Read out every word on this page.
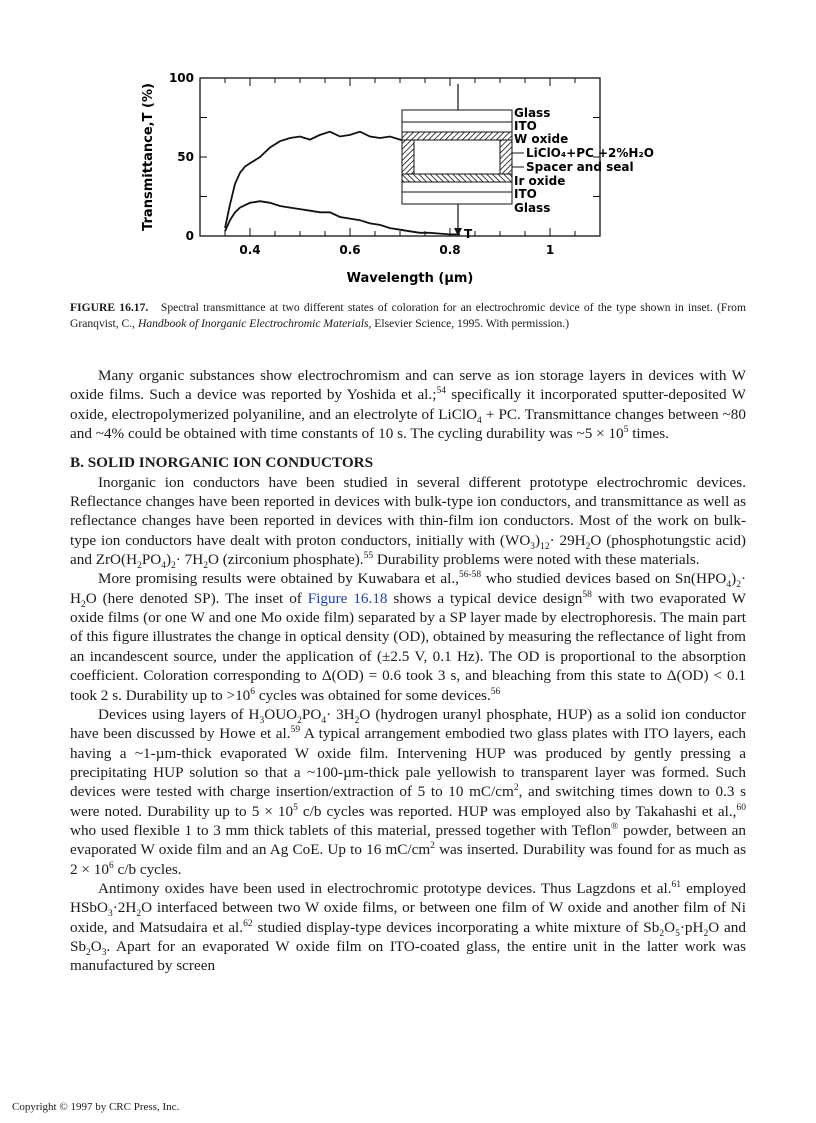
Transmittance,T (%)
Wavelength (µm)
0.4	0.6	0.8	1
0
50
100
T
Glass
ITO
W oxide
LiClO₄+PC +2%H₂O
Spacer and seal
Ir oxide
ITO
Glass
FIGURE 16.17. Spectral transmittance at two different states of coloration for an electrochromic device of the type shown in inset. (From Granqvist, C., Handbook of Inorganic Electrochromic Materials, Elsevier Science, 1995. With permission.)

Many organic substances show electrochromism and can serve as ion storage layers in devices with W oxide films. Such a device was reported by Yoshida et al.;$^{54}$ specifically it incorporated sputter-deposited W oxide, electropolymerized polyaniline, and an electrolyte of LiClO$_4$ + PC. Transmittance changes between ~80 and ~4% could be obtained with time constants of 10 s. The cycling durability was ~5 × $10^5$ times.

B. SOLID INORGANIC ION CONDUCTORS

Inorganic ion conductors have been studied in several different prototype electrochromic devices. Reflectance changes have been reported in devices with bulk-type ion conductors, and transmittance as well as reflectance changes have been reported in devices with thin-film ion conductors. Most of the work on bulk-type ion conductors have dealt with proton conductors, initially with $(WO_3)_{12}\cdot 29H_2O$ (phosphotungstic acid) and $ZrO(H_2PO_4)_2\cdot 7H_2O$ (zirconium phosphate).$^{55}$ Durability problems were noted with these materials.

More promising results were obtained by Kuwabara et al.,$^{56-58}$ who studied devices based on $Sn(HPO_4)_2\cdot H_2O$ (here denoted SP). The inset of Figure 16.18 shows a typical device design$^{58}$ with two evaporated W oxide films (or one W and one Mo oxide film) separated by a SP layer made by electrophoresis. The main part of this figure illustrates the change in optical density (OD), obtained by measuring the reflectance of light from an incandescent source, under the application of (±2.5 V, 0.1 Hz). The OD is proportional to the absorption coefficient. Coloration corresponding to Δ(OD) = 0.6 took 3 s, and bleaching from this state to Δ(OD) < 0.1 took 2 s. Durability up to $>10^6$ cycles was obtained for some devices.$^{56}$

Devices using layers of $H_3OUO_2PO_4\cdot 3H_2O$ (hydrogen uranyl phosphate, HUP) as a solid ion conductor have been discussed by Howe et al.$^{59}$ A typical arrangement embodied two glass plates with ITO layers, each having a ~1-µm-thick evaporated W oxide film. Intervening HUP was produced by gently pressing a precipitating HUP solution so that a ~100-µm-thick pale yellowish to transparent layer was formed. Such devices were tested with charge insertion/extraction of 5 to 10 $mC/cm^2$, and switching times down to 0.3 s were noted. Durability up to $5 \times 10^5$ c/b cycles was reported. HUP was employed also by Takahashi et al.,$^{60}$ who used flexible 1 to 3 mm thick tablets of this material, pressed together with Teflon® powder, between an evaporated W oxide film and an Ag CoE. Up to 16 $mC/cm^2$ was inserted. Durability was found for as much as $2 \times 10^6$ c/b cycles.

Antimony oxides have been used in electrochromic prototype devices. Thus Lagzdons et al.$^{61}$ employed $HSbO_3\cdot 2H_2O$ interfaced between two W oxide films, or between one film of W oxide and another film of Ni oxide, and Matsudaira et al.$^{62}$ studied display-type devices incorporating a white mixture of $Sb_2O_5\cdot pH_2O$ and $Sb_2O_3$. Apart for an evaporated W oxide film on ITO-coated glass, the entire unit in the latter work was manufactured by screen

Copyright © 1997 by CRC Press, Inc.
